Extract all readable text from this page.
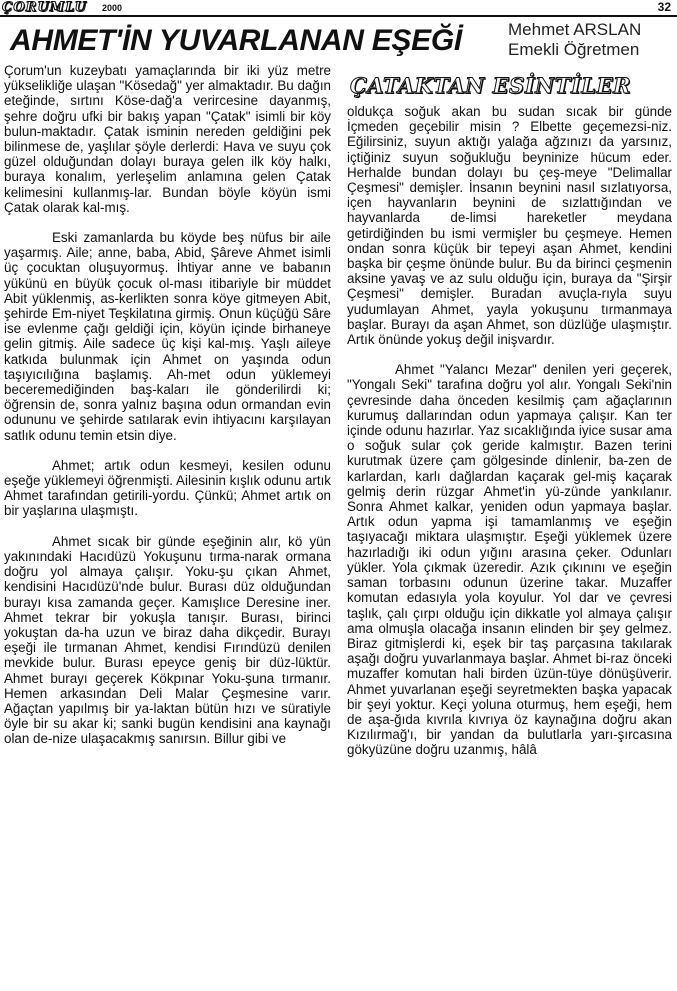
ÇORUMLU 2000	32
AHMET'İN YUVARLANAN EŞEĞİ	Mehmet ARSLAN
Emekli Öğretmen
ÇATAKTAN ESİNTİLER

Çorum'un kuzeybatı yamaçlarında bir iki yüz metre yükselikliğe ulaşan "Kösedağ" yer almaktadır. Bu dağın eteğinde, sırtını Köse-dağ'a verircesine dayanmış, şehre doğru ufki bir bakış yapan "Çatak" isimli bir köy bulun-maktadır. Çatak isminin nereden geldiğini pek bilinmese de, yaşlılar şöyle derlerdi: Hava ve suyu çok güzel olduğundan dolayı buraya gelen ilk köy halkı, buraya konalım, yerleşelim anlamına gelen Çatak kelimesini kullanmış-lar. Bundan böyle köyün ismi Çatak olarak kal-mış.

Eski zamanlarda bu köyde beş nüfus bir aile yaşarmış. Aile; anne, baba, Abid, Şâreve Ahmet isimli üç çocuktan oluşuyormuş. İhtiyar anne ve babanın yükünü en büyük çocuk ol-ması itibariyle bir müddet Abit yüklenmiş, as-kerlikten sonra köye gitmeyen Abit, şehirde Em-niyet Teşkilatına girmiş. Onun küçüğü Sâre ise evlenme çağı geldiği için, köyün içinde birhaneye gelin gitmiş. Aile sadece üç kişi kal-mış. Yaşlı aileye katkıda bulunmak için Ahmet on yaşında odun taşıyıcılığına başlamış. Ah-met odun yüklemeyi beceremediğinden baş-kaları ile gönderilirdi ki; öğrensin de, sonra yalnız başına odun ormandan evin odununu ve şehirde satılarak evin ihtiyacını karşılayan satlık odunu temin etsin diye.

Ahmet; artık odun kesmeyi, kesilen odunu eşeğe yüklemeyi öğrenmişti. Ailesinin kışlık odunu artık Ahmet tarafından getirili-yordu. Çünkü; Ahmet artık on bir yaşlarına ulaşmıştı.

Ahmet sıcak bir günde eşeğinin alır, kö yün yakınındaki Hacıdüzü Yokuşunu tırma-narak ormana doğru yol almaya çalışır. Yoku-şu çıkan Ahmet, kendisini Hacıdüzü'nde bulur. Burası düz olduğundan burayı kısa zamanda geçer. Kamışlıce Deresine iner. Ahmet tekrar bir yokuşla tanışır. Burası, birinci yokuştan da-ha uzun ve biraz daha dikçedir. Burayı eşeği ile tırmanan Ahmet, kendisi Fırındüzü denilen mevkide bulur. Burası epeyce geniş bir düz-lüktür. Ahmet burayı geçerek Kökpınar Yoku-şuna tırmanır. Hemen arkasından Deli Malar Çeşmesine varır. Ağaçtan yapılmış bir ya-laktan bütün hızı ve süratiyle öyle bir su akar ki; sanki bugün kendisini ana kaynağı olan de-nize ulaşacakmış sanırsın. Billur gibi ve

oldukça soğuk akan bu sudan sıcak bir günde İçmeden geçebilir misin ? Elbette geçemezsi-niz. Eğilirsiniz, suyun aktığı yalağa ağzınızı da yarsınız, içtiğiniz suyun soğukluğu beyninize hücum eder. Herhalde bundan dolayı bu çeş-meye "Delimallar Çeşmesi" demişler. İnsanın beynini nasıl sızlatıyorsa, içen hayvanların beynini de sızlattığından ve hayvanlarda de-limsi hareketler meydana getirdiğinden bu ismi vermişler bu çeşmeye. Hemen ondan sonra küçük bir tepeyi aşan Ahmet, kendini başka bir çeşme önünde bulur. Bu da birinci çeşmenin aksine yavaş ve az sulu olduğu için, buraya da "Şirşir Çeşmesi" demişler. Buradan avuçla-rıyla suyu yudumlayan Ahmet, yayla yokuşunu tırmanmaya başlar. Burayı da aşan Ahmet, son düzlüğe ulaşmıştır. Artık önünde yokuş değil inişvardır.

Ahmet "Yalancı Mezar" denilen yeri geçerek, "Yongalı Seki" tarafına doğru yol alır. Yongalı Seki'nin çevresinde daha önceden kesilmiş çam ağaçlarının kurumuş dallarından odun yapmaya çalışır. Kan ter içinde odunu hazırlar. Yaz sıcaklığında iyice susar ama o soğuk sular çok geride kalmıştır. Bazen terini kurutmak üzere çam gölgesinde dinlenir, ba-zen de karlardan, karlı dağlardan kaçarak gel-miş kaçarak gelmiş derin rüzgar Ahmet'in yü-zünde yankılanır. Sonra Ahmet kalkar, yeniden odun yapmaya başlar. Artık odun yapma işi tamamlanmış ve eşeğin taşıyacağı miktara ulaşmıştır. Eşeği yüklemek üzere hazırladığı iki odun yığını arasına çeker. Odunları yükler. Yola çıkmak üzeredir. Azık çıkınını ve eşeğin saman torbasını odunun üzerine takar. Muzaffer komutan edasıyla yola koyulur. Yol dar ve çevresi taşlık, çalı çırpı olduğu için dikkatle yol almaya çalışır ama olmuşla olacağa insanın elinden bir şey gelmez. Biraz gitmişlerdi ki, eşek bir taş parçasına takılarak aşağı doğru yuvarlanmaya başlar. Ahmet bi-raz önceki muzaffer komutan hali birden üzün-tüye dönüşüverir. Ahmet yuvarlanan eşeği seyretmekten başka yapacak bir şeyi yoktur. Keçi yoluna oturmuş, hem eşeği, hem de aşa-ğıda kıvrıla kıvrıya öz kaynağına doğru akan Kızılırmağ'ı, bir yandan da bulutlarla yarı-şırcasına gökyüzüne doğru uzanmış, hâlâ
